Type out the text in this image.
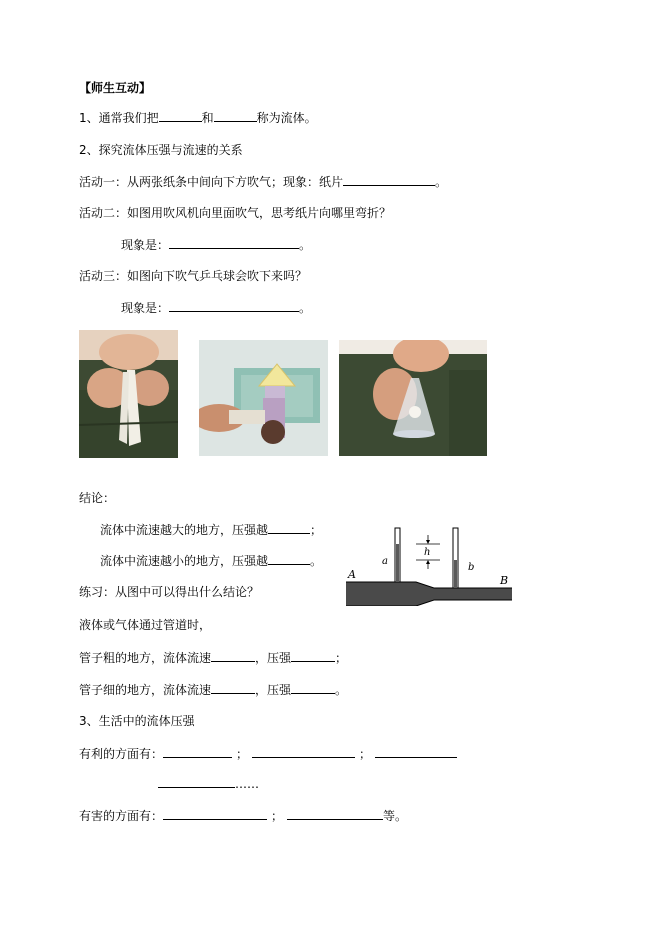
【师生互动】
1、通常我们把	和	称为流体。
2、探究流体压强与流速的关系
活动一：从两张纸条中间向下方吹气；现象：纸片	。
活动二：如图用吹风机向里面吹气，思考纸片向哪里弯折？
现象是：	。
活动三：如图向下吹气乒乓球会吹下来吗？
现象是：	。
结论：
流体中流速越大的地方，压强越	；
流体中流速越小的地方，压强越	。
h
a
b
A	B
练习：从图中可以得出什么结论？
液体或气体通过管道时，
管子粗的地方，流体流速	，压强	；
管子细的地方，流体流速	，压强	。
3、生活中的流体压强
有利的方面有：	；	；
……
有害的方面有：	；	等。
